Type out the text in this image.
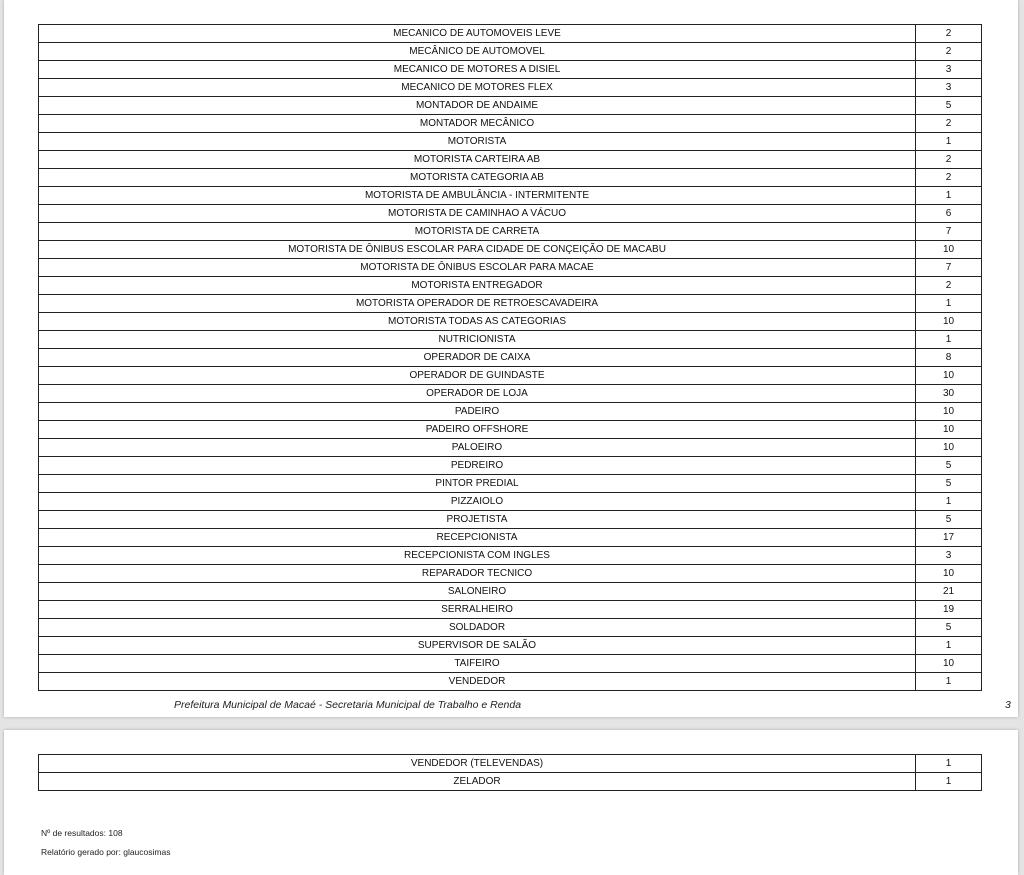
MECANICO DE AUTOMOVEIS LEVE	2
MECÂNICO DE AUTOMOVEL	2
MECANICO DE MOTORES A DISIEL	3
MECANICO DE MOTORES FLEX	3
MONTADOR DE ANDAIME	5
MONTADOR MECÂNICO	2
MOTORISTA	1
MOTORISTA CARTEIRA AB	2
MOTORISTA CATEGORIA AB	2
MOTORISTA DE AMBULÂNCIA - INTERMITENTE	1
MOTORISTA DE CAMINHAO A VÁCUO	6
MOTORISTA DE CARRETA	7
MOTORISTA DE ÔNIBUS ESCOLAR PARA CIDADE DE CONÇEIÇÃO DE MACABU	10
MOTORISTA DE ÔNIBUS ESCOLAR PARA MACAE	7
MOTORISTA ENTREGADOR	2
MOTORISTA OPERADOR DE RETROESCAVADEIRA	1
MOTORISTA TODAS AS CATEGORIAS	10
NUTRICIONISTA	1
OPERADOR DE CAIXA	8
OPERADOR DE GUINDASTE	10
OPERADOR DE LOJA	30
PADEIRO	10
PADEIRO OFFSHORE	10
PALOEIRO	10
PEDREIRO	5
PINTOR PREDIAL	5
PIZZAIOLO	1
PROJETISTA	5
RECEPCIONISTA	17
RECEPCIONISTA COM INGLES	3
REPARADOR TECNICO	10
SALONEIRO	21
SERRALHEIRO	19
SOLDADOR	5
SUPERVISOR DE SALÃO	1
TAIFEIRO	10
VENDEDOR	1
Prefeitura Municipal de Macaé - Secretaria Municipal de Trabalho e Renda	3
VENDEDOR (TELEVENDAS)	1
ZELADOR	1
Nº de resultados: 108
Relatório gerado por: glaucosimas
